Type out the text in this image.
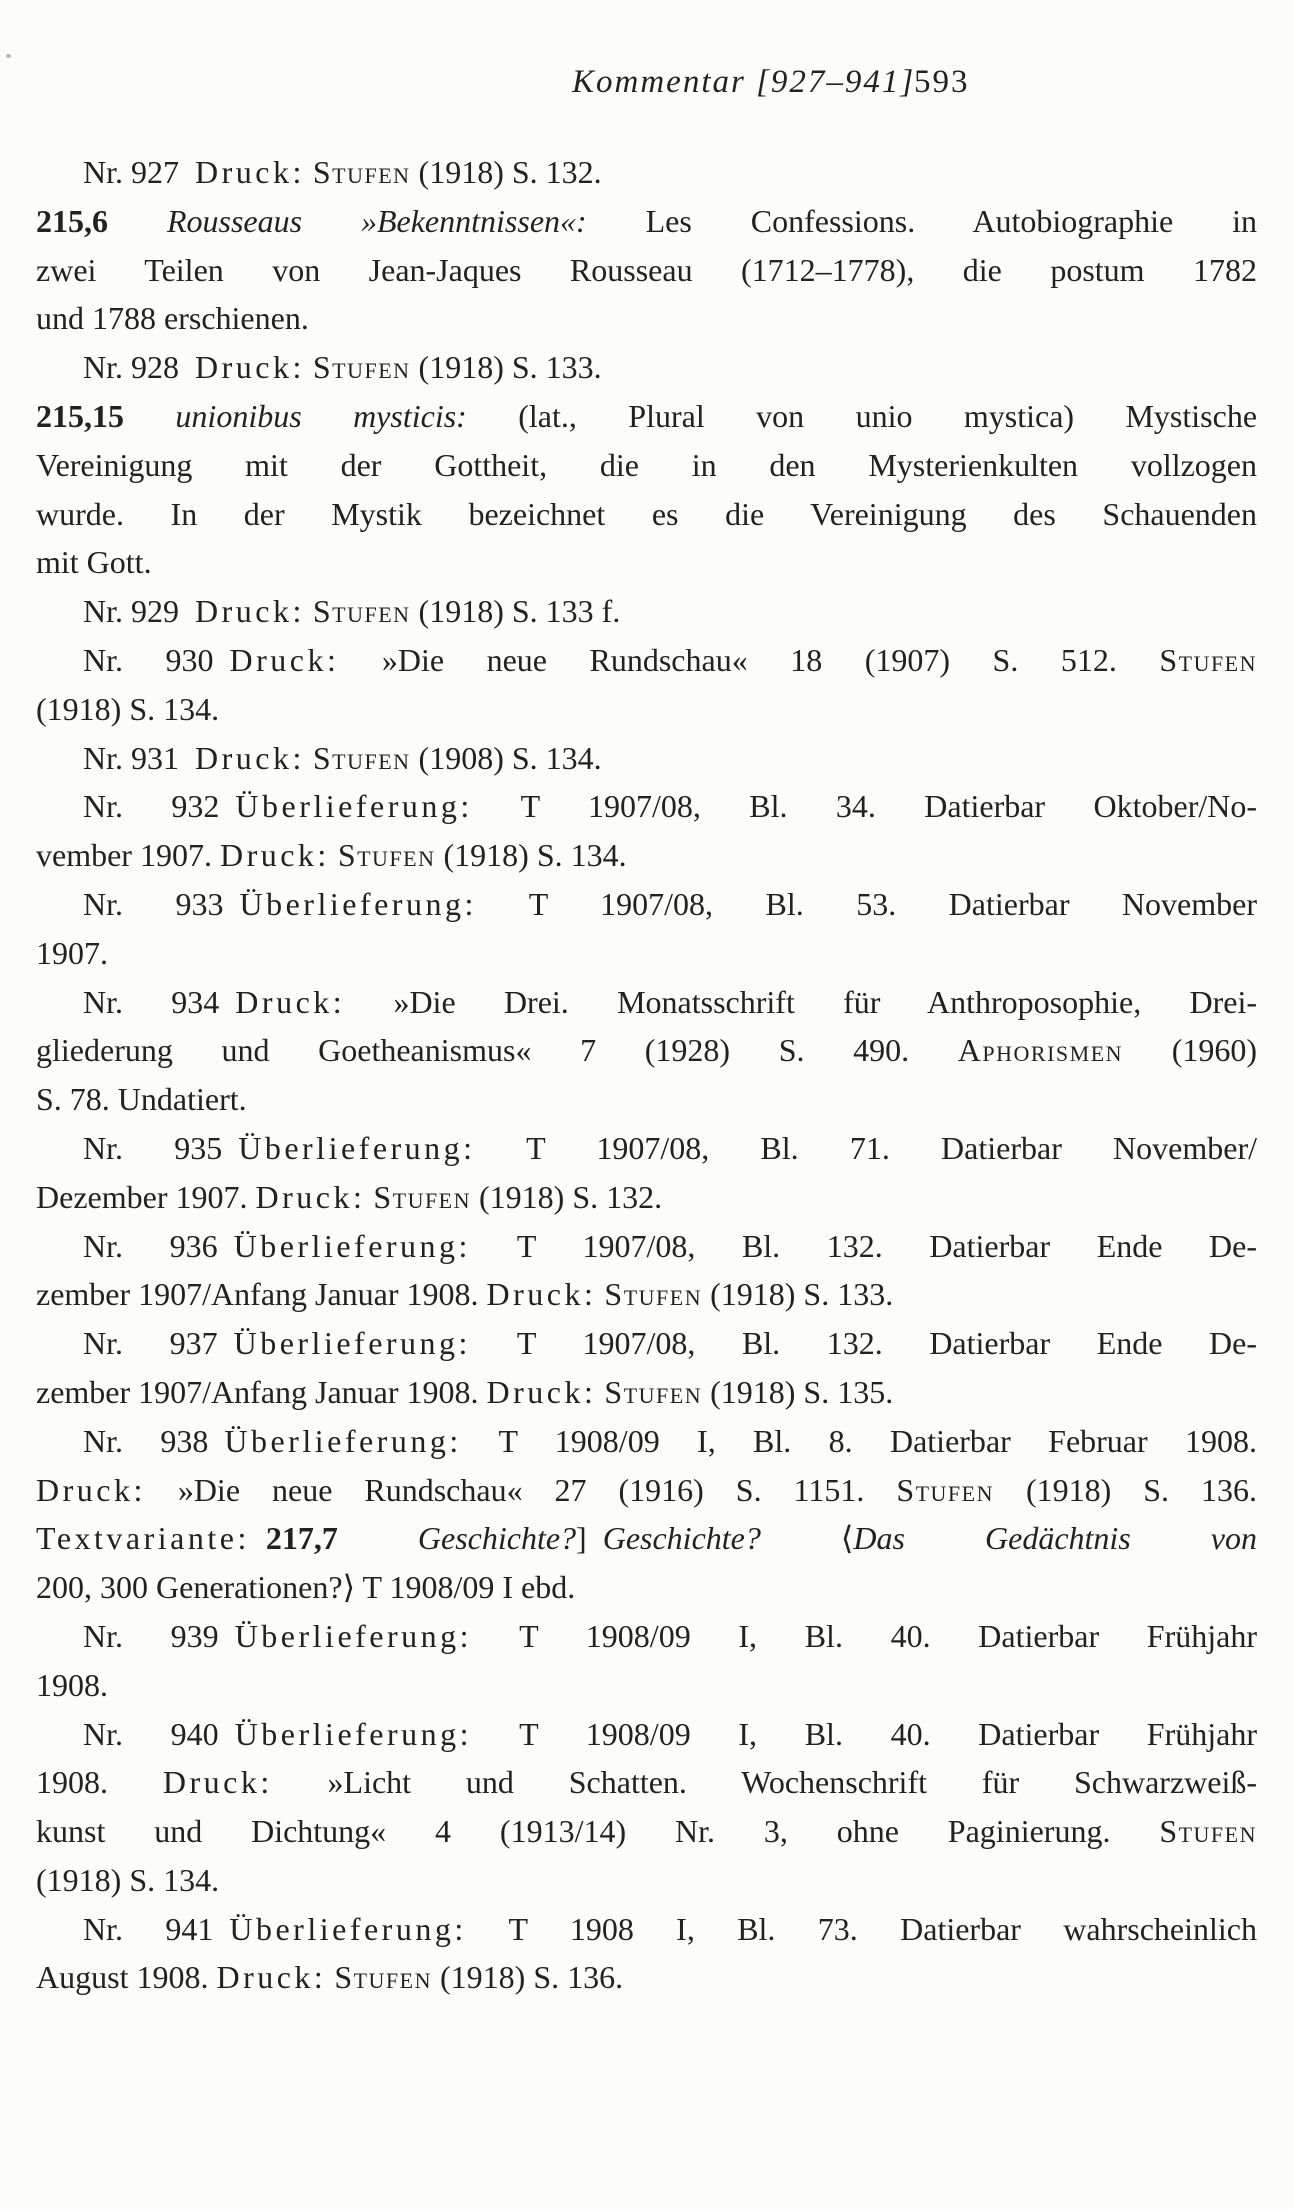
Kommentar [927–941]
593
Nr. 927 Druck: Stufen (1918) S. 132.
215,6 Rousseaus »Bekenntnissen«: Les Confessions. Autobiographie in
zwei Teilen von Jean-Jaques Rousseau (1712–1778), die postum 1782
und 1788 erschienen.
Nr. 928 Druck: Stufen (1918) S. 133.
215,15 unionibus mysticis: (lat., Plural von unio mystica) Mystische
Vereinigung mit der Gottheit, die in den Mysterienkulten vollzogen
wurde. In der Mystik bezeichnet es die Vereinigung des Schauenden
mit Gott.
Nr. 929 Druck: Stufen (1918) S. 133 f.
Nr. 930 Druck: »Die neue Rundschau« 18 (1907) S. 512. Stufen
(1918) S. 134.
Nr. 931 Druck: Stufen (1908) S. 134.
Nr. 932 Überlieferung: T 1907/08, Bl. 34. Datierbar Oktober/No-
vember 1907. Druck: Stufen (1918) S. 134.
Nr. 933 Überlieferung: T 1907/08, Bl. 53. Datierbar November
1907.
Nr. 934 Druck: »Die Drei. Monatsschrift für Anthroposophie, Drei-
gliederung und Goetheanismus« 7 (1928) S. 490. Aphorismen (1960)
S. 78. Undatiert.
Nr. 935 Überlieferung: T 1907/08, Bl. 71. Datierbar November/
Dezember 1907. Druck: Stufen (1918) S. 132.
Nr. 936 Überlieferung: T 1907/08, Bl. 132. Datierbar Ende De-
zember 1907/Anfang Januar 1908. Druck: Stufen (1918) S. 133.
Nr. 937 Überlieferung: T 1907/08, Bl. 132. Datierbar Ende De-
zember 1907/Anfang Januar 1908. Druck: Stufen (1918) S. 135.
Nr. 938 Überlieferung: T 1908/09 I, Bl. 8. Datierbar Februar 1908.
Druck: »Die neue Rundschau« 27 (1916) S. 1151. Stufen (1918) S. 136.
Textvariante:  217,7	Geschichte?] Geschichte? ⟨Das Gedächtnis von
200, 300 Generationen?⟩ T 1908/09 I ebd.
Nr. 939 Überlieferung: T 1908/09 I, Bl. 40. Datierbar Frühjahr
1908.
Nr. 940 Überlieferung: T 1908/09 I, Bl. 40. Datierbar Frühjahr
1908. Druck: »Licht und Schatten. Wochenschrift für Schwarzweiß-
kunst und Dichtung« 4 (1913/14) Nr. 3, ohne Paginierung. Stufen
(1918) S. 134.
Nr. 941 Überlieferung: T 1908 I, Bl. 73. Datierbar wahrscheinlich
August 1908. Druck: Stufen (1918) S. 136.
